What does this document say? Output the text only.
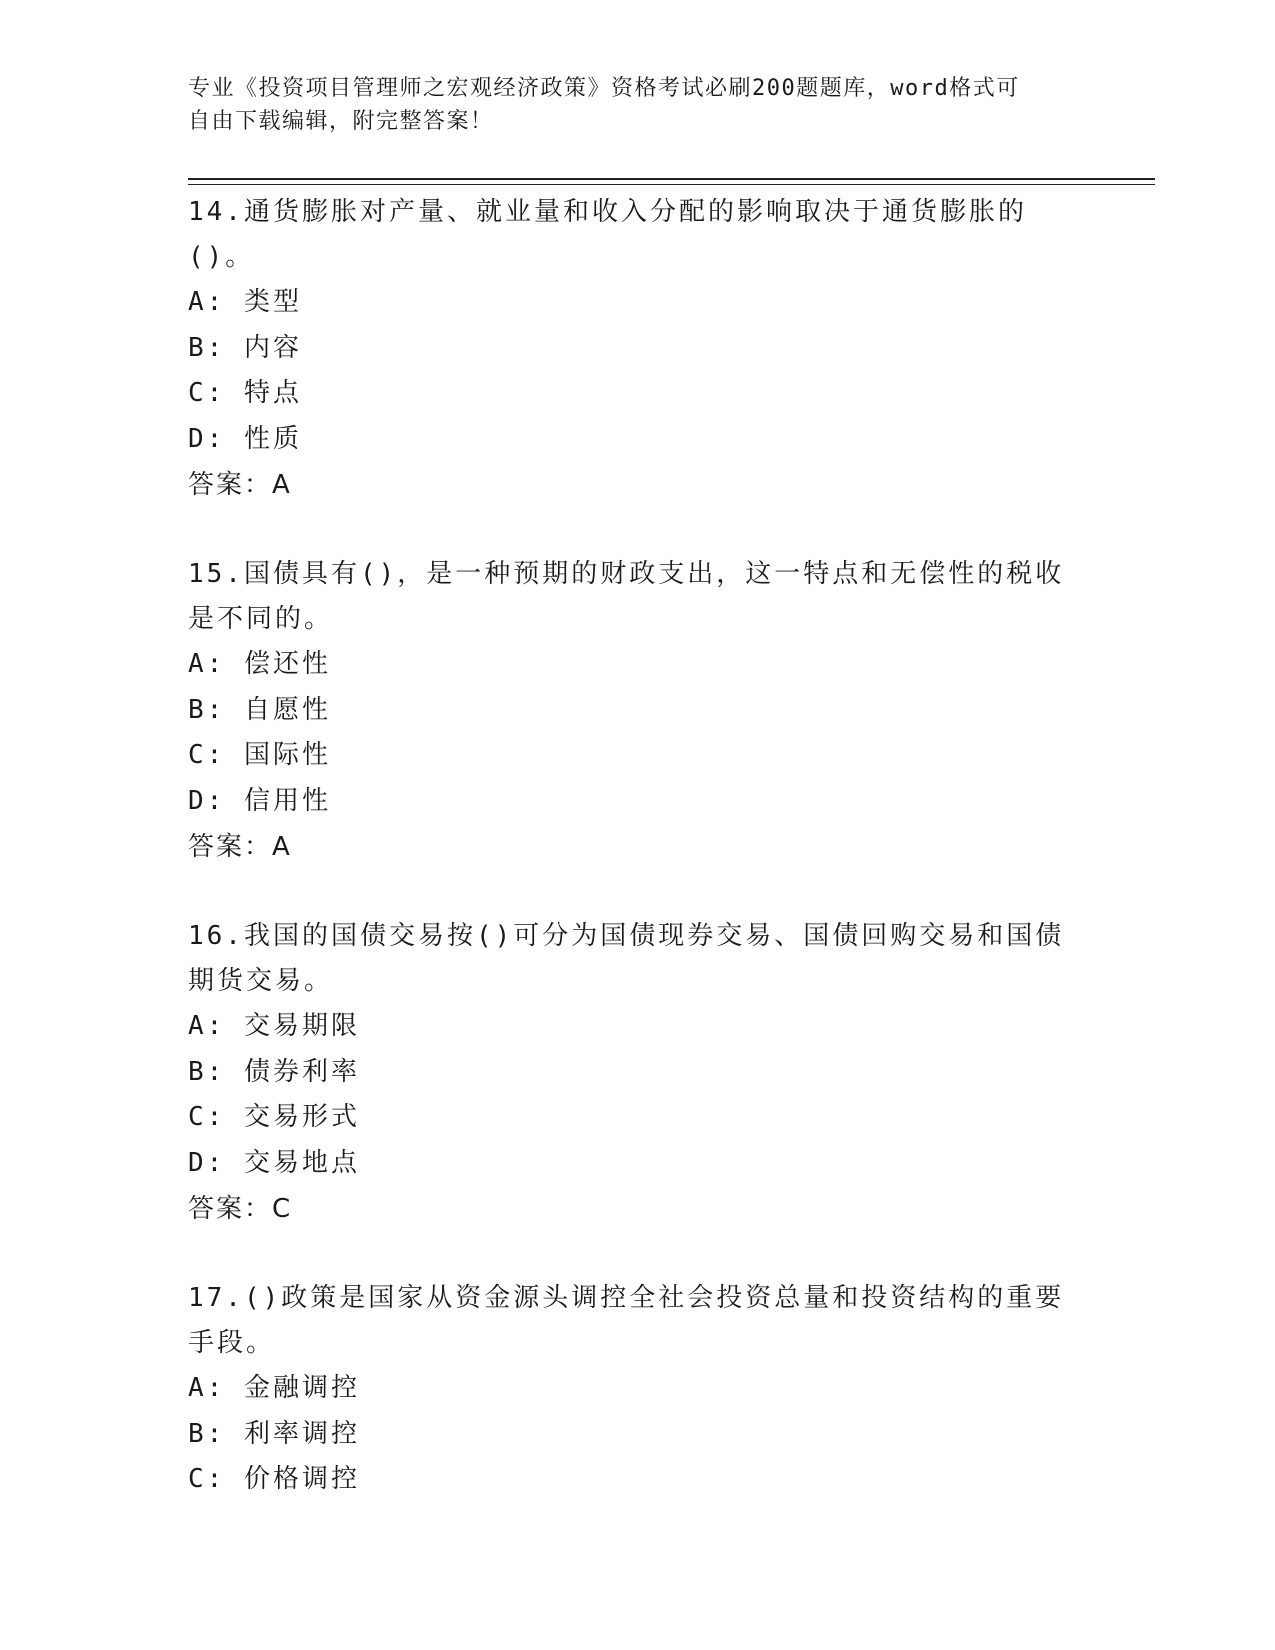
专业《投资项目管理师之宏观经济政策》资格考试必刷200题题库，word格式可
自由下载编辑，附完整答案！

14.通货膨胀对产量、就业量和收入分配的影响取决于通货膨胀的()。

A: 类型
B: 内容
C: 特点
D: 性质
答案：A

15.国债具有()，是一种预期的财政支出，这一特点和无偿性的税收是不同的。

A: 偿还性
B: 自愿性
C: 国际性
D: 信用性
答案：A

16.我国的国债交易按()可分为国债现券交易、国债回购交易和国债期货交易。

A: 交易期限
B: 债券利率
C: 交易形式
D: 交易地点
答案：C

17.()政策是国家从资金源头调控全社会投资总量和投资结构的重要手段。

A: 金融调控
B: 利率调控
C: 价格调控
